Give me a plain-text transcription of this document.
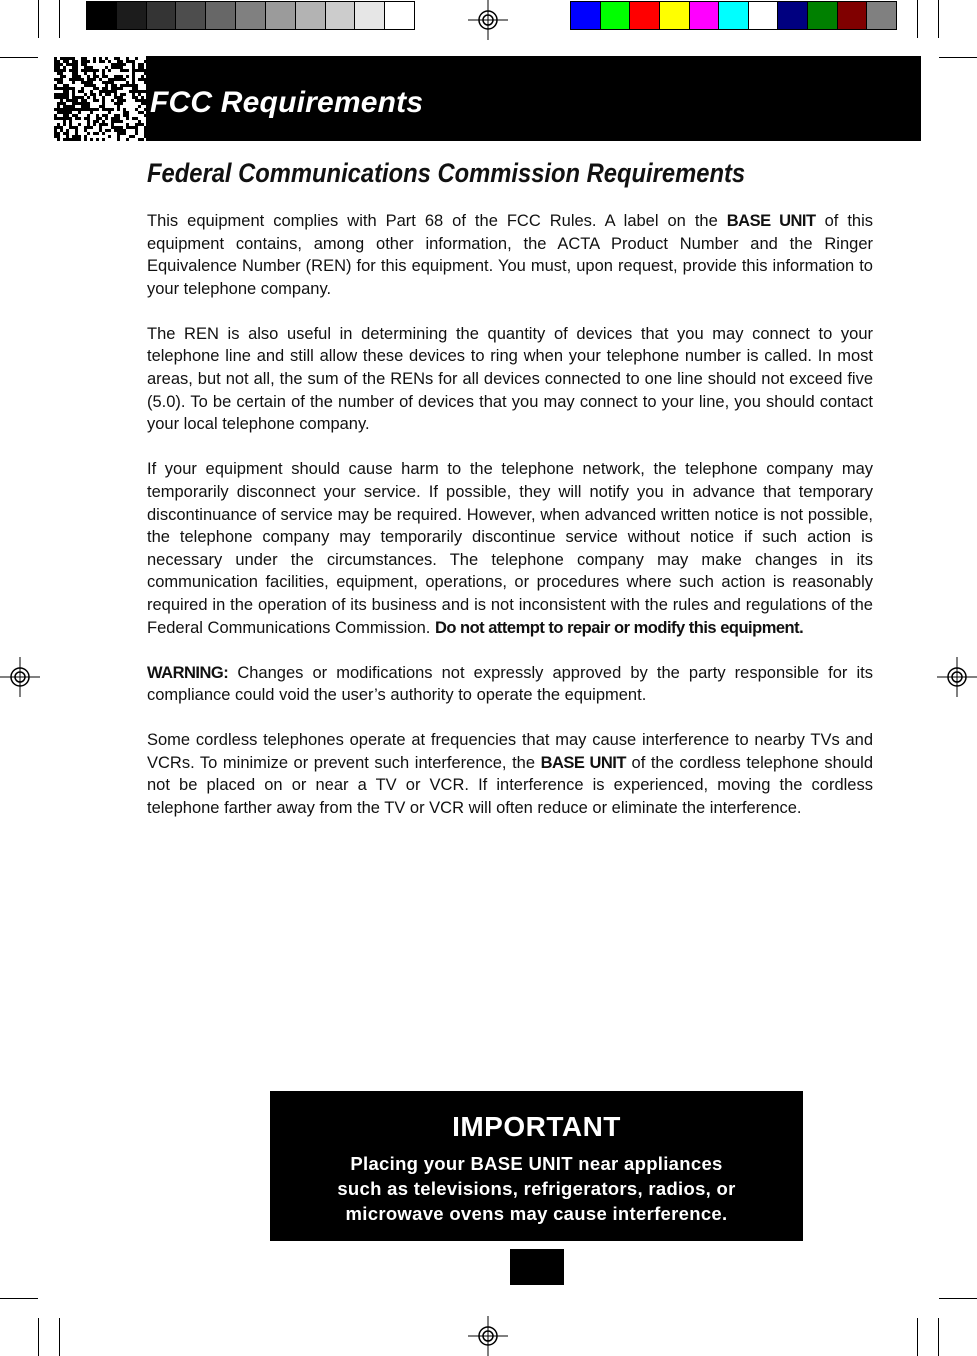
FCC Requirements
Federal Communications Commission Requirements

This equipment complies with Part 68 of the FCC Rules. A label on the BASE UNIT of this equipment contains, among other information, the ACTA Product Number and the Ringer Equivalence Number (REN) for this equipment. You must, upon request, provide this information to your telephone company.

The REN is also useful in determining the quantity of devices that you may connect to your telephone line and still allow these devices to ring when your telephone number is called. In most areas, but not all, the sum of the RENs for all devices connected to one line should not exceed five (5.0). To be certain of the number of devices that you may connect to your line, you should contact your local telephone company.

If your equipment should cause harm to the telephone network, the telephone company may temporarily disconnect your service. If possible, they will notify you in advance that temporary discontinuance of service may be required. However, when advanced written notice is not possible, the telephone company may temporarily discontinue service without notice if such action is necessary under the circumstances. The telephone company may make changes in its communication facilities, equipment, operations, or procedures where such action is reasonably required in the operation of its business and is not inconsistent with the rules and regulations of the Federal Communications Commission. Do not attempt to repair or modify this equipment.

WARNING: Changes or modifications not expressly approved by the party responsible for its compliance could void the user’s authority to operate the equipment.

Some cordless telephones operate at frequencies that may cause interference to nearby TVs and VCRs. To minimize or prevent such interference, the BASE UNIT of the cordless telephone should not be placed on or near a TV or VCR. If interference is experienced, moving the cordless telephone farther away from the TV or VCR will often reduce or eliminate the interference.

IMPORTANT
Placing your BASE UNIT near appliances
such as televisions, refrigerators, radios, or
microwave ovens may cause interference.
